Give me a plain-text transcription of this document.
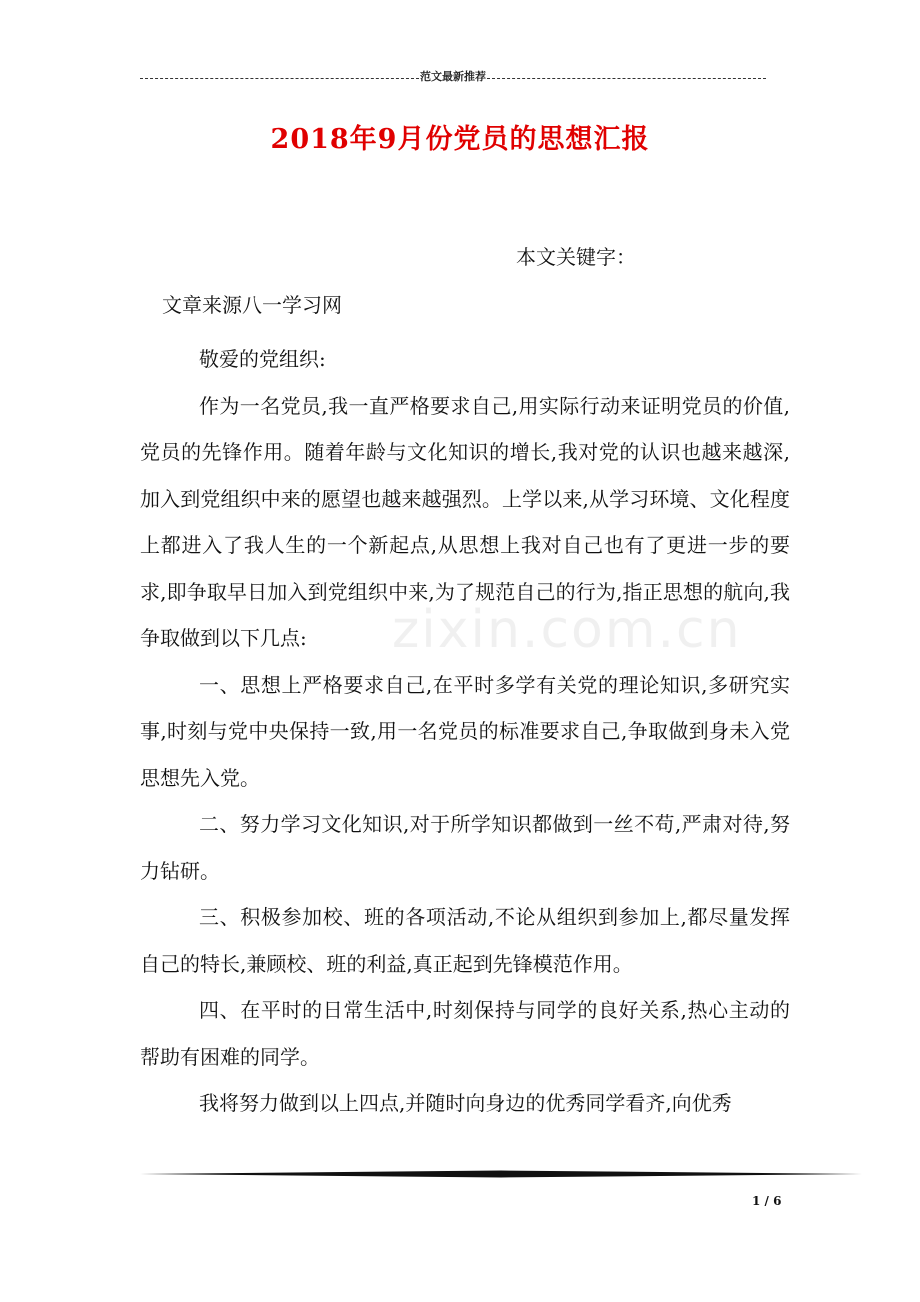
范文最新推荐
2018年9月份党员的思想汇报
本文关键字：
文章来源八一学习网

敬爱的党组织:

作为一名党员,我一直严格要求自己,用实际行动来证明党员的价值,党员的先锋作用。随着年龄与文化知识的增长,我对党的认识也越来越深,加入到党组织中来的愿望也越来越强烈。上学以来,从学习环境、文化程度上都进入了我人生的一个新起点,从思想上我对自己也有了更进一步的要求,即争取早日加入到党组织中来,为了规范自己的行为,指正思想的航向,我争取做到以下几点:

一、思想上严格要求自己,在平时多学有关党的理论知识,多研究实事,时刻与党中央保持一致,用一名党员的标准要求自己,争取做到身未入党思想先入党。

二、努力学习文化知识,对于所学知识都做到一丝不苟,严肃对待,努力钻研。

三、积极参加校、班的各项活动,不论从组织到参加上,都尽量发挥自己的特长,兼顾校、班的利益,真正起到先锋模范作用。

四、在平时的日常生活中,时刻保持与同学的良好关系,热心主动的帮助有困难的同学。

我将努力做到以上四点,并随时向身边的优秀同学看齐,向优秀

zixin.com.cn
1 / 6
